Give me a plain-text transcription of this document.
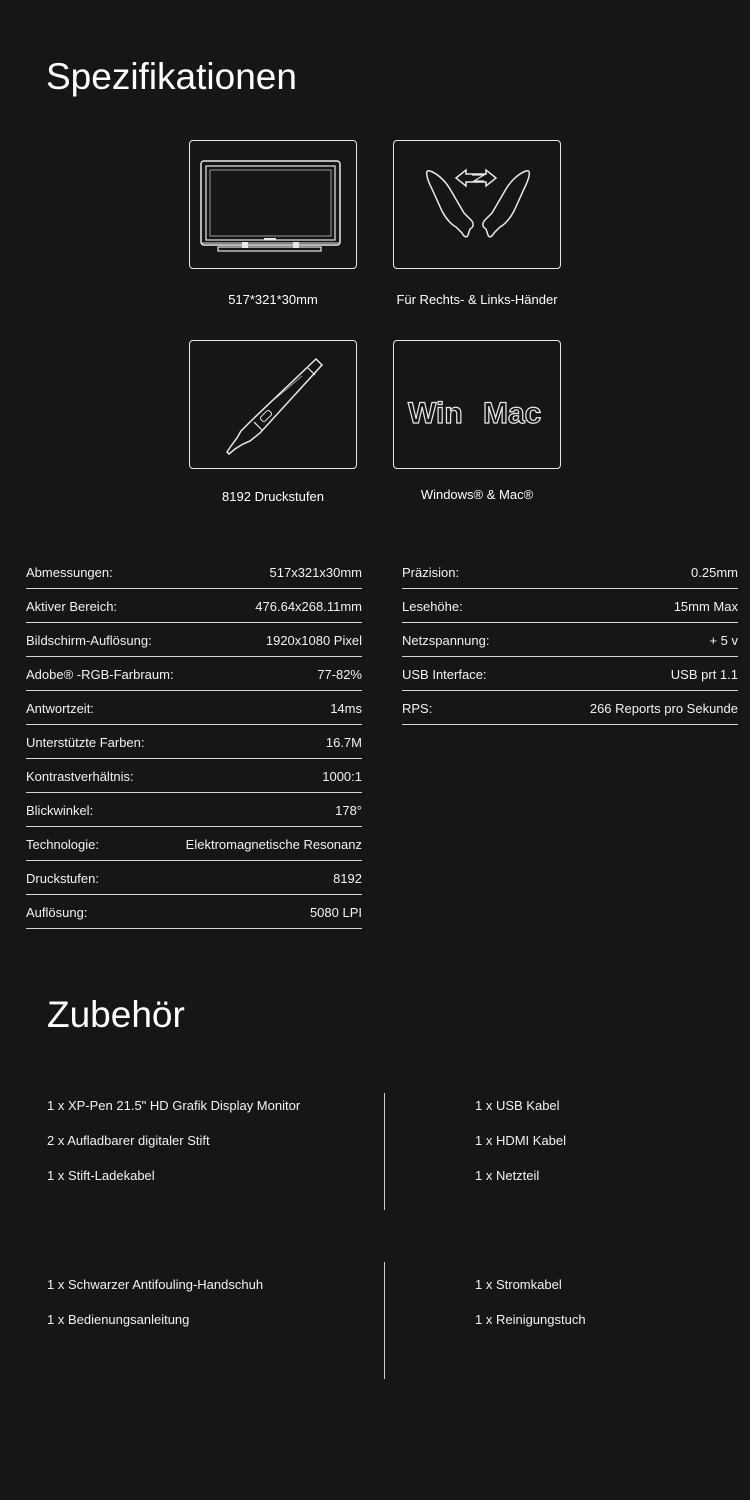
Spezifikationen
517*321*30mm	Für Rechts- & Links-Händer
8192 Druckstufen
Win Mac
Windows® & Mac®
Abmessungen:	517x321x30mm
Aktiver Bereich:	476.64x268.11mm
Bildschirm-Auflösung:	1920x1080 Pixel
Adobe® -RGB-Farbraum:	77-82%
Antwortzeit:	14ms
Unterstützte Farben:	16.7M
Kontrastverhältnis:	1000:1
Blickwinkel:	178°
Technologie:	Elektromagnetische Resonanz
Druckstufen:	8192
Auflösung:	5080 LPI
Präzision:	0.25mm
Lesehöhe:	15mm Max
Netzspannung:	+ 5 v
USB Interface:	USB prt 1.1
RPS:	266 Reports pro Sekunde
Zubehör
1 x XP-Pen 21.5" HD Grafik Display Monitor
2 x Aufladbarer digitaler Stift
1 x Stift-Ladekabel
1 x USB Kabel
1 x HDMI Kabel
1 x Netzteil
1 x Schwarzer Antifouling-Handschuh
1 x Bedienungsanleitung
1 x Stromkabel
1 x Reinigungstuch
